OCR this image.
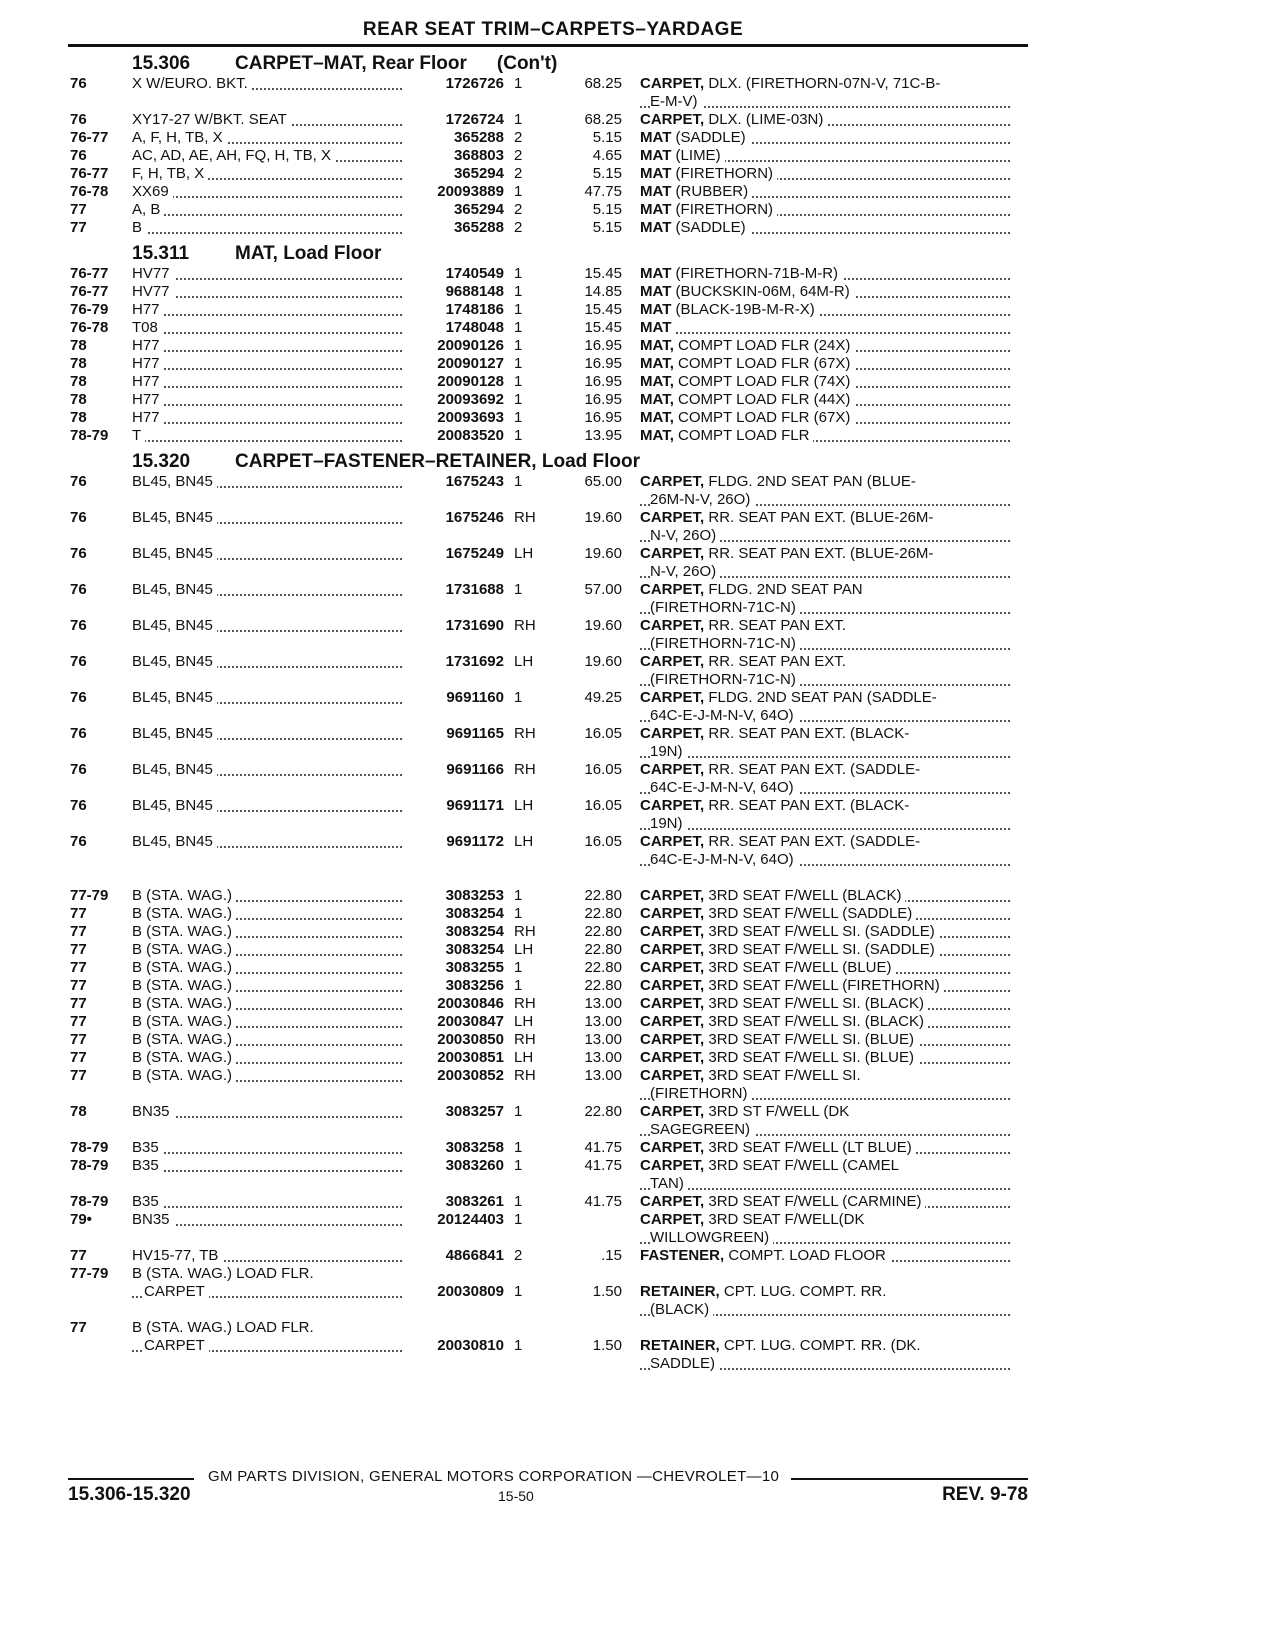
REAR SEAT TRIM–CARPETS–YARDAGE
15.306	CARPET–MAT, Rear Floor (Con't)
76	X W/EURO. BKT.	1726726 1	68.25 CARPET, DLX. (FIRETHORN-07N-V, 71C-B-
E-M-V)
76	XY17-27 W/BKT. SEAT	1726724 1	68.25 CARPET, DLX. (LIME-03N)
76-77	A, F, H, TB, X	365288 2	5.15 MAT (SADDLE)
76	AC, AD, AE, AH, FQ, H, TB, X	368803 2	4.65 MAT (LIME)
76-77	F, H, TB, X	365294 2	5.15 MAT (FIRETHORN)
76-78	XX69	20093889 1	47.75 MAT (RUBBER)
77	A, B	365294 2	5.15 MAT (FIRETHORN)
77	B	365288 2	5.15 MAT (SADDLE)
15.311	MAT, Load Floor
76-77	HV77	1740549 1	15.45 MAT (FIRETHORN-71B-M-R)
76-77	HV77	9688148 1	14.85 MAT (BUCKSKIN-06M, 64M-R)
76-79	H77	1748186 1	15.45 MAT (BLACK-19B-M-R-X)
76-78	T08	1748048 1	15.45 MAT
78	H77	20090126 1	16.95 MAT, COMPT LOAD FLR (24X)
78	H77	20090127 1	16.95 MAT, COMPT LOAD FLR (67X)
78	H77	20090128 1	16.95 MAT, COMPT LOAD FLR (74X)
78	H77	20093692 1	16.95 MAT, COMPT LOAD FLR (44X)
78	H77	20093693 1	16.95 MAT, COMPT LOAD FLR (67X)
78-79	T	20083520 1	13.95 MAT, COMPT LOAD FLR
15.320	CARPET–FASTENER–RETAINER, Load Floor
76	BL45, BN45	1675243 1	65.00 CARPET, FLDG. 2ND SEAT PAN (BLUE-
26M-N-V, 26O)
76	BL45, BN45	1675246 RH	19.60 CARPET, RR. SEAT PAN EXT. (BLUE-26M-
N-V, 26O)
76	BL45, BN45	1675249 LH	19.60 CARPET, RR. SEAT PAN EXT. (BLUE-26M-
N-V, 26O)
76	BL45, BN45	1731688 1	57.00 CARPET, FLDG. 2ND SEAT PAN
(FIRETHORN-71C-N)
76	BL45, BN45	1731690 RH	19.60 CARPET, RR. SEAT PAN EXT.
(FIRETHORN-71C-N)
76	BL45, BN45	1731692 LH	19.60 CARPET, RR. SEAT PAN EXT.
(FIRETHORN-71C-N)
76	BL45, BN45	9691160 1	49.25 CARPET, FLDG. 2ND SEAT PAN (SADDLE-
64C-E-J-M-N-V, 64O)
76	BL45, BN45	9691165 RH	16.05 CARPET, RR. SEAT PAN EXT. (BLACK-
19N)
76	BL45, BN45	9691166 RH	16.05 CARPET, RR. SEAT PAN EXT. (SADDLE-
64C-E-J-M-N-V, 64O)
76	BL45, BN45	9691171 LH	16.05 CARPET, RR. SEAT PAN EXT. (BLACK-
19N)
76	BL45, BN45	9691172 LH	16.05 CARPET, RR. SEAT PAN EXT. (SADDLE-
64C-E-J-M-N-V, 64O)
77-79	B (STA. WAG.)	3083253 1	22.80 CARPET, 3RD SEAT F/WELL (BLACK)
77	B (STA. WAG.)	3083254 1	22.80 CARPET, 3RD SEAT F/WELL (SADDLE)
77	B (STA. WAG.)	3083254 RH	22.80 CARPET, 3RD SEAT F/WELL SI. (SADDLE)
77	B (STA. WAG.)	3083254 LH	22.80 CARPET, 3RD SEAT F/WELL SI. (SADDLE)
77	B (STA. WAG.)	3083255 1	22.80 CARPET, 3RD SEAT F/WELL (BLUE)
77	B (STA. WAG.)	3083256 1	22.80 CARPET, 3RD SEAT F/WELL (FIRETHORN)
77	B (STA. WAG.)	20030846 RH	13.00 CARPET, 3RD SEAT F/WELL SI. (BLACK)
77	B (STA. WAG.)	20030847 LH	13.00 CARPET, 3RD SEAT F/WELL SI. (BLACK)
77	B (STA. WAG.)	20030850 RH	13.00 CARPET, 3RD SEAT F/WELL SI. (BLUE)
77	B (STA. WAG.)	20030851 LH	13.00 CARPET, 3RD SEAT F/WELL SI. (BLUE)
77	B (STA. WAG.)	20030852 RH	13.00 CARPET, 3RD SEAT F/WELL SI.
(FIRETHORN)
78	BN35	3083257 1	22.80 CARPET, 3RD ST F/WELL (DK
SAGEGREEN)
78-79	B35	3083258 1	41.75 CARPET, 3RD SEAT F/WELL (LT BLUE)
78-79	B35	3083260 1	41.75 CARPET, 3RD SEAT F/WELL (CAMEL
TAN)
78-79	B35	3083261 1	41.75 CARPET, 3RD SEAT F/WELL (CARMINE)
79•	BN35	20124403 1	CARPET, 3RD SEAT F/WELL(DK
WILLOWGREEN)
77	HV15-77, TB	4866841 2	.15 FASTENER, COMPT. LOAD FLOOR
77-79	B (STA. WAG.) LOAD FLR.
CARPET	20030809 1	1.50 RETAINER, CPT. LUG. COMPT. RR.
(BLACK)
77	B (STA. WAG.) LOAD FLR.
CARPET	20030810 1	1.50 RETAINER, CPT. LUG. COMPT. RR. (DK.
SADDLE)
GM PARTS DIVISION, GENERAL MOTORS CORPORATION —CHEVROLET—10
15.306-15.320	15-50	REV. 9-78
